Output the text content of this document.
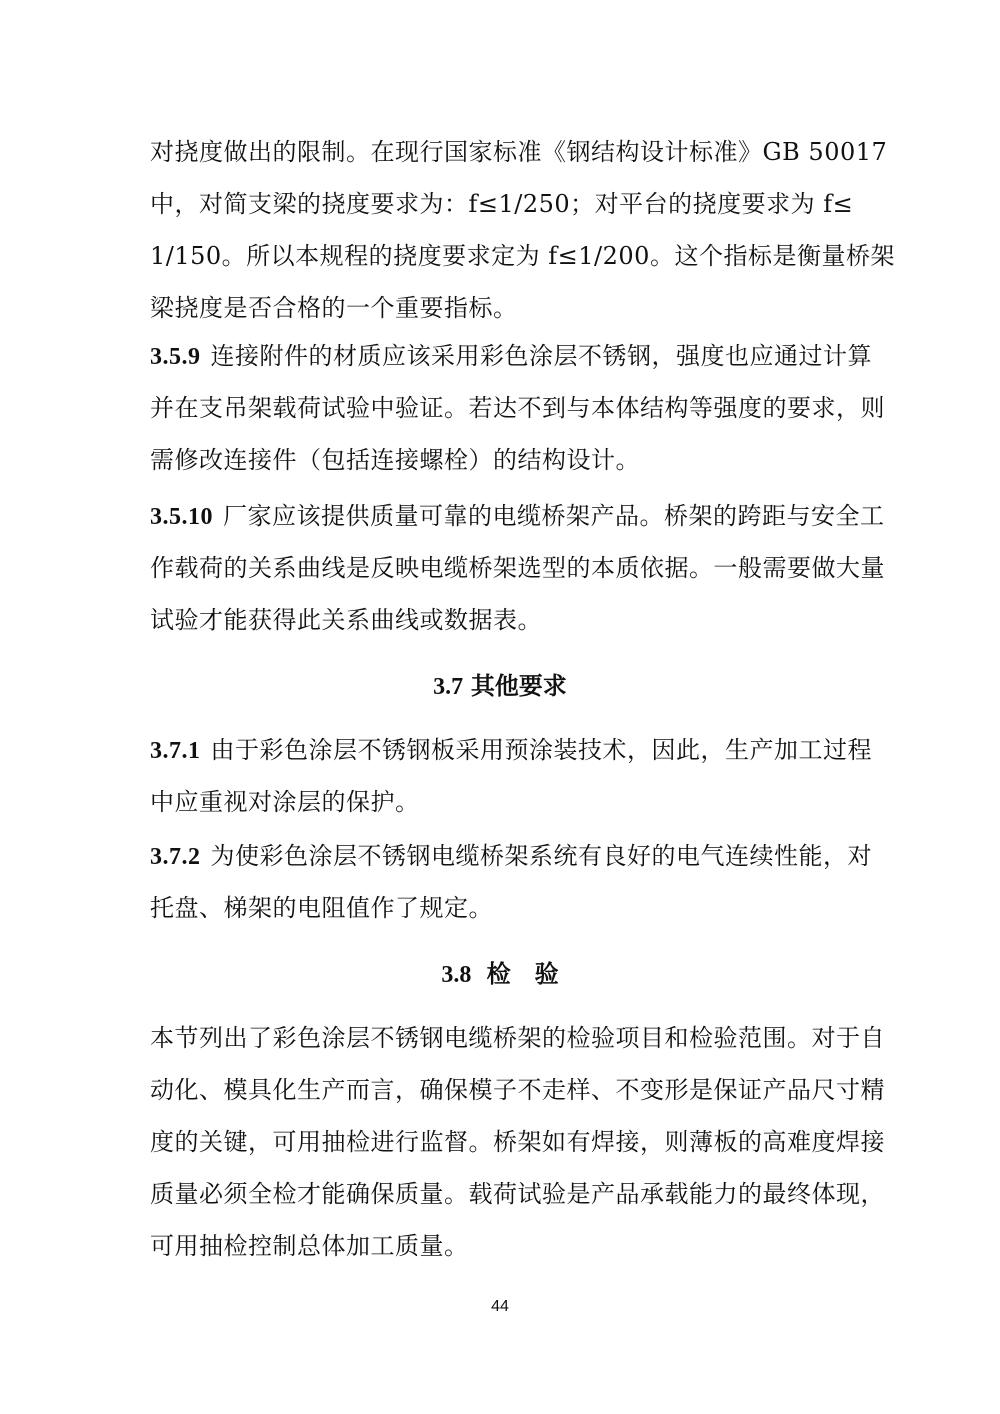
对挠度做出的限制。在现行国家标准《钢结构设计标准》GB 50017
中，对简支梁的挠度要求为：f≤1/250；对平台的挠度要求为 f≤
1/150。所以本规程的挠度要求定为 f≤1/200。这个指标是衡量桥架
梁挠度是否合格的一个重要指标。
3.5.9 连接附件的材质应该采用彩色涂层不锈钢，强度也应通过计算
并在支吊架载荷试验中验证。若达不到与本体结构等强度的要求，则
需修改连接件（包括连接螺栓）的结构设计。
3.5.10 厂家应该提供质量可靠的电缆桥架产品。桥架的跨距与安全工
作载荷的关系曲线是反映电缆桥架选型的本质依据。一般需要做大量
试验才能获得此关系曲线或数据表。
3.7 其他要求
3.7.1 由于彩色涂层不锈钢板采用预涂装技术，因此，生产加工过程
中应重视对涂层的保护。
3.7.2 为使彩色涂层不锈钢电缆桥架系统有良好的电气连续性能，对
托盘、梯架的电阻值作了规定。
3.8 检　验
本节列出了彩色涂层不锈钢电缆桥架的检验项目和检验范围。对于自
动化、模具化生产而言，确保模子不走样、不变形是保证产品尺寸精
度的关键，可用抽检进行监督。桥架如有焊接，则薄板的高难度焊接
质量必须全检才能确保质量。载荷试验是产品承载能力的最终体现，
可用抽检控制总体加工质量。
44
